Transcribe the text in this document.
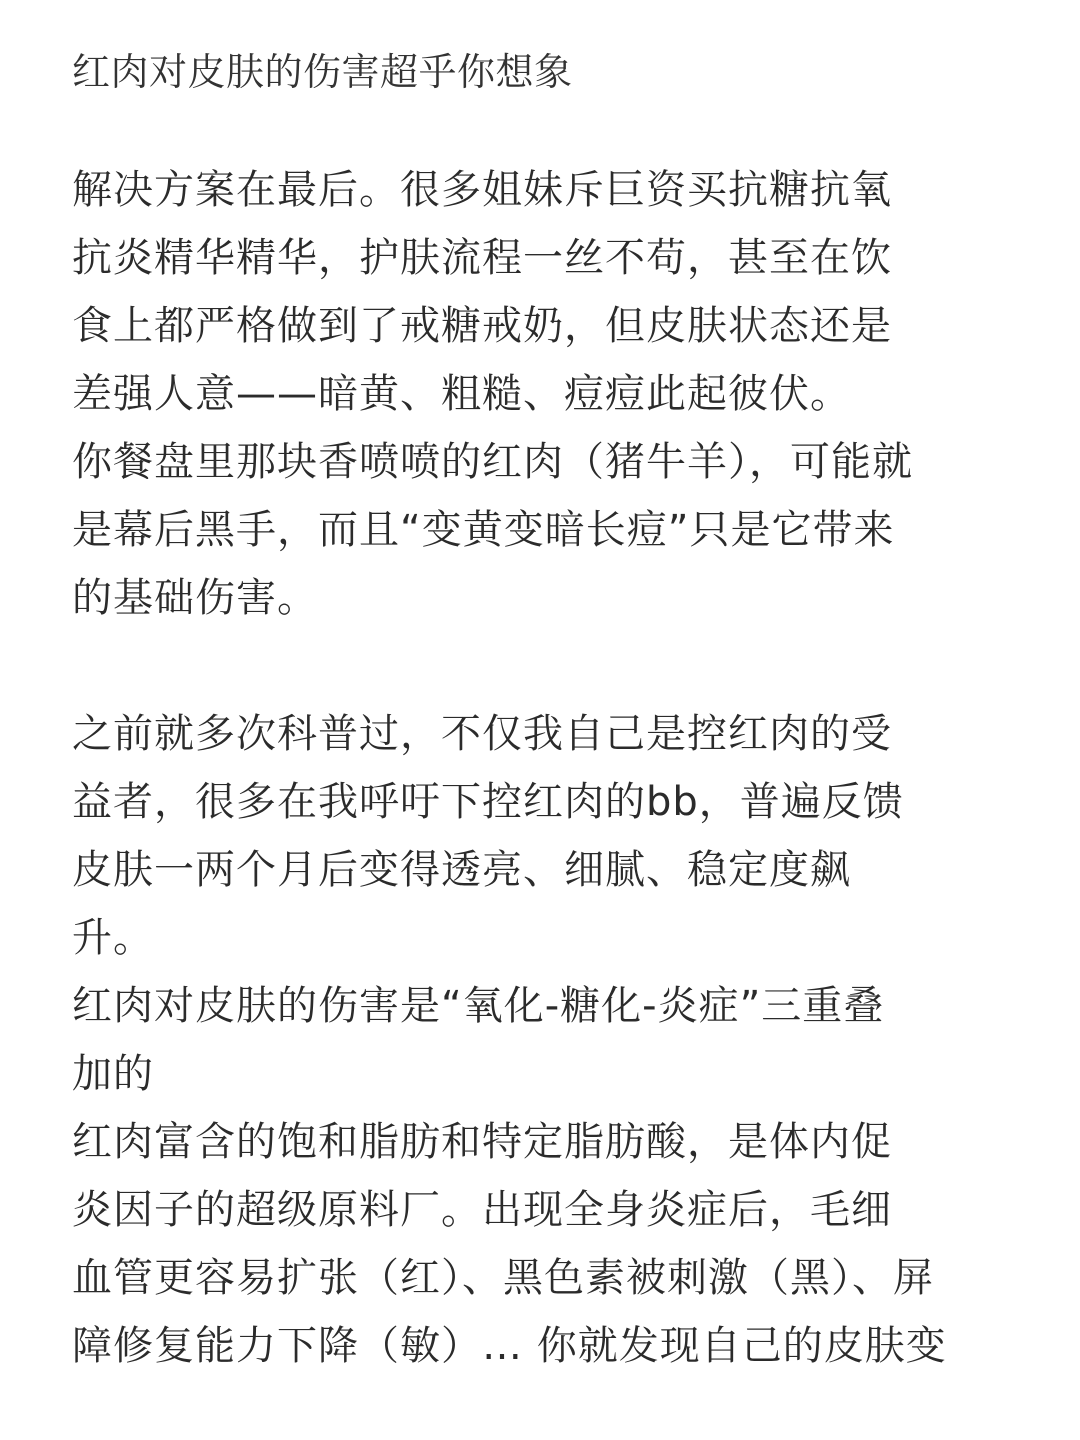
红肉对皮肤的伤害超乎你想象

解决方案在最后。很多姐妹斥巨资买抗糖抗氧
抗炎精华精华，护肤流程一丝不苟，甚至在饮
食上都严格做到了戒糖戒奶，但皮肤状态还是
差强人意——暗黄、粗糙、痘痘此起彼伏。

你餐盘里那块香喷喷的红肉（猪牛羊），可能就
是幕后黑手，而且“变黄变暗长痘”只是它带来
的基础伤害。

之前就多次科普过，不仅我自己是控红肉的受
益者，很多在我呼吁下控红肉的bb，普遍反馈
皮肤一两个月后变得透亮、细腻、稳定度飙
升。

红肉对皮肤的伤害是“氧化-糖化-炎症”三重叠
加的

红肉富含的饱和脂肪和特定脂肪酸，是体内促
炎因子的超级原料厂。出现全身炎症后，毛细
血管更容易扩张（红）、黑色素被刺激（黑）、屏
障修复能力下降（敏）… 你就发现自己的皮肤变
